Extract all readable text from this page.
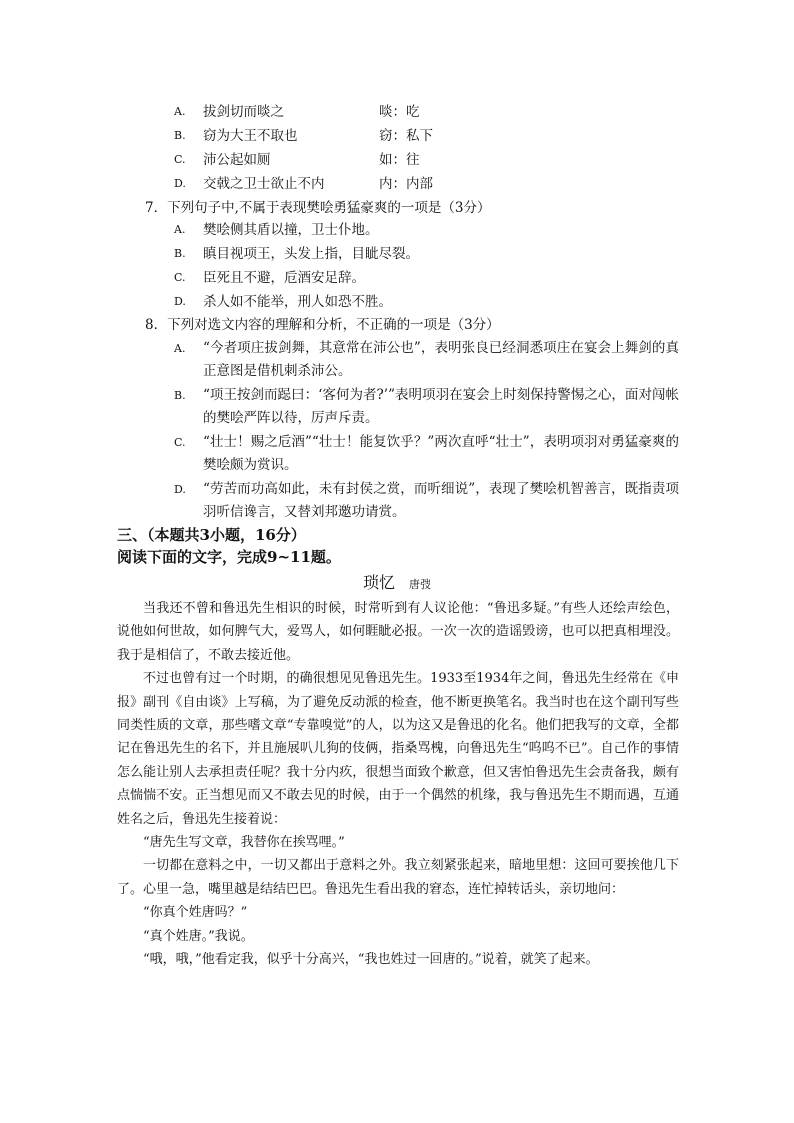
A. 拔剑切而啖之	啖：吃
B. 窃为大王不取也	窃：私下
C. 沛公起如厕	如：往
D. 交戟之卫士欲止不内	内：内部
7．下列句子中,不属于表现樊哙勇猛豪爽的一项是（3分）
A. 樊哙侧其盾以撞，卫士仆地。
B. 瞋目视项王，头发上指，目眦尽裂。
C. 臣死且不避，卮酒安足辞。
D. 杀人如不能举，刑人如恐不胜。
8．下列对选文内容的理解和分析，不正确的一项是（3分）
A. “今者项庄拔剑舞，其意常在沛公也”，表明张良已经洞悉项庄在宴会上舞剑的真正意图是借机刺杀沛公。
B. “项王按剑而跽曰：‘客何为者?’”表明项羽在宴会上时刻保持警惕之心，面对闯帐的樊哙严阵以待，厉声斥责。
C. “壮士！赐之卮酒”“壮士！能复饮乎？”两次直呼“壮士”，表明项羽对勇猛豪爽的樊哙颇为赏识。
D. “劳苦而功高如此，未有封侯之赏，而听细说”，表现了樊哙机智善言，既指责项羽听信谗言，又替刘邦邀功请赏。
三、（本题共3小题，16分）
阅读下面的文字，完成9~11题。
琐忆 唐弢

当我还不曾和鲁迅先生相识的时候，时常听到有人议论他：“鲁迅多疑。”有些人还绘声绘色，说他如何世故，如何脾气大，爱骂人，如何睚眦必报。一次一次的造谣毁谤，也可以把真相埋没。我于是相信了，不敢去接近他。

不过也曾有过一个时期，的确很想见见鲁迅先生。1933至1934年之间，鲁迅先生经常在《申报》副刊《自由谈》上写稿，为了避免反动派的检查，他不断更换笔名。我当时也在这个副刊写些同类性质的文章，那些嗜文章“专靠嗅觉”的人，以为这又是鲁迅的化名。他们把我写的文章，全都记在鲁迅先生的名下，并且施展叭儿狗的伎俩，指桑骂槐，向鲁迅先生“呜呜不已”。自己作的事情怎么能让别人去承担责任呢？我十分内疚，很想当面致个歉意，但又害怕鲁迅先生会责备我，颇有点惴惴不安。正当想见而又不敢去见的时候，由于一个偶然的机缘，我与鲁迅先生不期而遇，互通姓名之后，鲁迅先生接着说：

“唐先生写文章，我替你在挨骂哩。”

一切都在意料之中，一切又都出于意料之外。我立刻紧张起来，暗地里想：这回可要挨他几下了。心里一急，嘴里越是结结巴巴。鲁迅先生看出我的窘态，连忙掉转话头，亲切地问：

“你真个姓唐吗？”

“真个姓唐。”我说。

“哦，哦，”他看定我，似乎十分高兴，“我也姓过一回唐的。”说着，就笑了起来。
